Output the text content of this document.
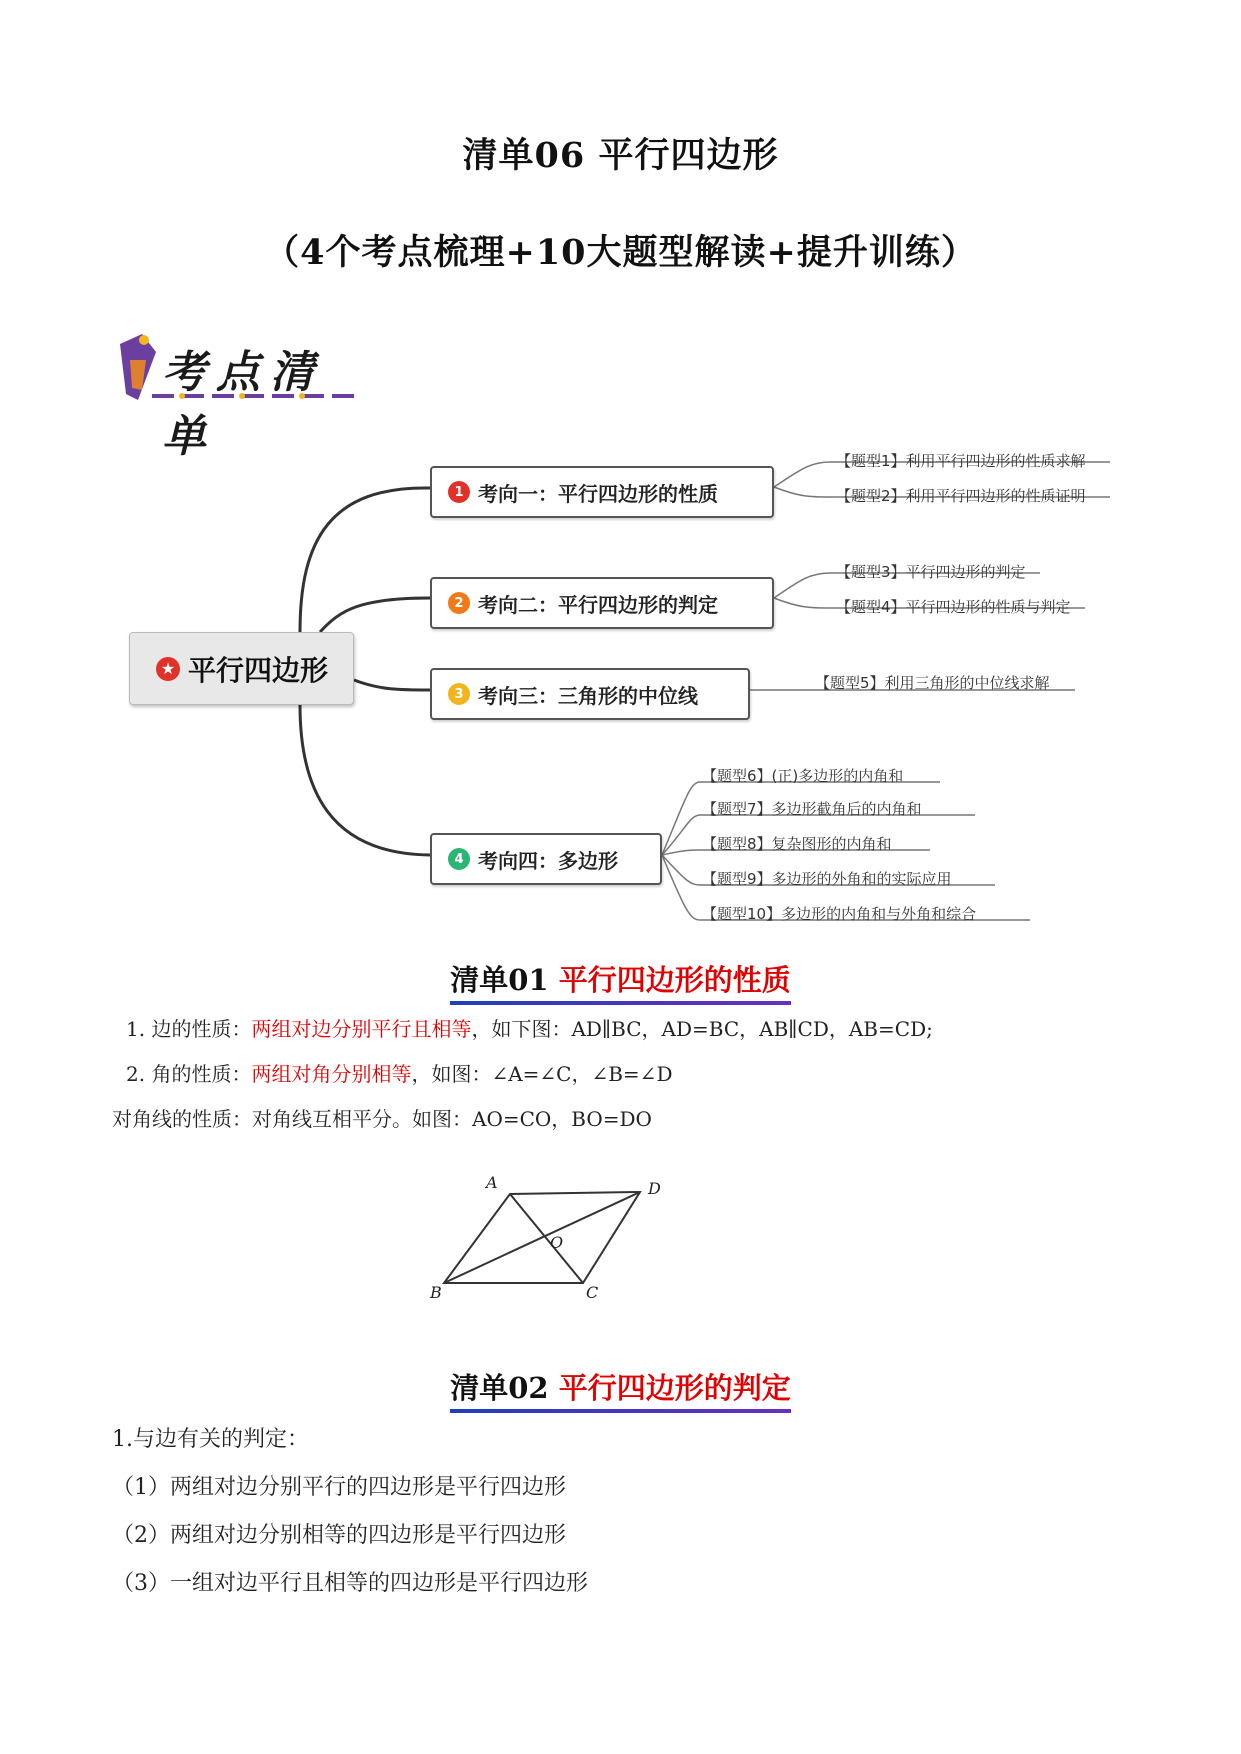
清单06 平行四边形
（4个考点梳理+10大题型解读+提升训练）
考点清单
★ 平行四边形
1 考向一：平行四边形的性质
2 考向二：平行四边形的判定
3 考向三：三角形的中位线
4 考向四：多边形
【题型1】利用平行四边形的性质求解
【题型2】利用平行四边形的性质证明
【题型3】平行四边形的判定
【题型4】平行四边形的性质与判定
【题型5】利用三角形的中位线求解
【题型6】(正)多边形的内角和
【题型7】多边形截角后的内角和
【题型8】复杂图形的内角和
【题型9】多边形的外角和的实际应用
【题型10】多边形的内角和与外角和综合
清单01 平行四边形的性质
1. 边的性质：两组对边分别平行且相等，如下图：AD∥BC，AD=BC，AB∥CD，AB=CD;
2. 角的性质：两组对角分别相等，如图：∠A=∠C，∠B=∠D
对角线的性质：对角线互相平分。如图：AO=CO，BO=DO
A	D
O
B	C
清单02 平行四边形的判定
1.与边有关的判定：
（1）两组对边分别平行的四边形是平行四边形
（2）两组对边分别相等的四边形是平行四边形
（3）一组对边平行且相等的四边形是平行四边形
